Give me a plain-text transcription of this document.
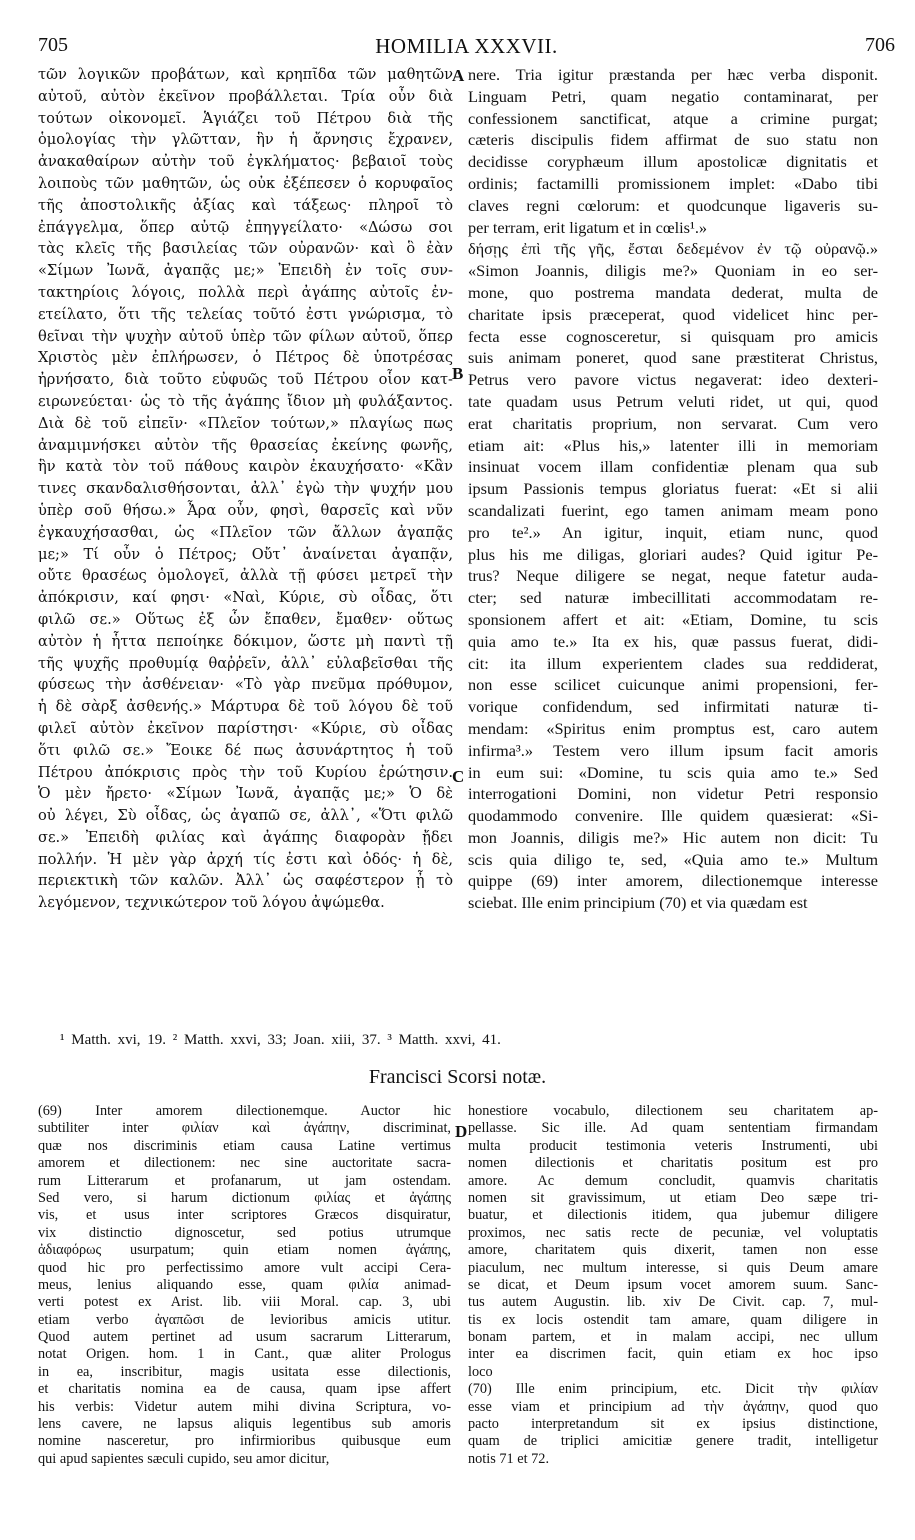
705	HOMILIA XXXVII.	706
τῶν λογικῶν προβάτων, καὶ κρηπῖδα τῶν μαθητῶν
αὐτοῦ, αὐτὸν ἐκεῖνον προβάλλεται. Τρία οὖν διὰ
τούτων οἰκονομεῖ. Ἁγιάζει τοῦ Πέτρου διὰ τῆς
ὁμολογίας τὴν γλῶτταν, ἣν ἡ ἄρνησις ἔχρανεν,
ἀνακαθαίρων αὐτὴν τοῦ ἐγκλήματος· βεβαιοῖ τοὺς
λοιποὺς τῶν μαθητῶν, ὡς οὐκ ἐξέπεσεν ὁ κορυφαῖος
τῆς ἀποστολικῆς ἀξίας καὶ τάξεως· πληροῖ τὸ
ἐπάγγελμα, ὅπερ αὐτῷ ἐπηγγείλατο· «Δώσω σοι
τὰς κλεῖς τῆς βασιλείας τῶν οὐρανῶν· καὶ ὃ ἐὰν
«Σίμων Ἰωνᾶ, ἀγαπᾷς με;» Ἐπειδὴ ἐν τοῖς συν-
τακτηρίοις λόγοις, πολλὰ περὶ ἀγάπης αὐτοῖς ἐν-
ετείλατο, ὅτι τῆς τελείας τοῦτό ἐστι γνώρισμα, τὸ
θεῖναι τὴν ψυχὴν αὐτοῦ ὑπὲρ τῶν φίλων αὐτοῦ, ὅπερ
Χριστὸς μὲν ἐπλήρωσεν, ὁ Πέτρος δὲ ὑποτρέσας
ἠρνήσατο, διὰ τοῦτο εὐφυῶς τοῦ Πέτρου οἷον κατ-
ειρωνεύεται· ὡς τὸ τῆς ἀγάπης ἴδιον μὴ φυλάξαντος.
Διὰ δὲ τοῦ εἰπεῖν· «Πλεῖον τούτων,» πλαγίως πως
ἀναμιμνήσκει αὐτὸν τῆς θρασείας ἐκείνης φωνῆς,
ἣν κατὰ τὸν τοῦ πάθους καιρὸν ἐκαυχήσατο· «Κἂν
τινες σκανδαλισθήσονται, ἀλλ᾽ ἐγὼ τὴν ψυχήν μου
ὑπὲρ σοῦ θήσω.» Ἆρα οὖν, φησὶ, θαρσεῖς καὶ νῦν
ἐγκαυχήσασθαι, ὡς «Πλεῖον τῶν ἄλλων ἀγαπᾷς
με;» Τί οὖν ὁ Πέτρος; Οὔτ᾽ ἀναίνεται ἀγαπᾷν,
οὔτε θρασέως ὁμολογεῖ, ἀλλὰ τῇ φύσει μετρεῖ τὴν
ἀπόκρισιν, καί φησι· «Ναὶ, Κύριε, σὺ οἶδας, ὅτι
φιλῶ σε.» Οὕτως ἐξ ὧν ἔπαθεν, ἔμαθεν· οὕτως
αὐτὸν ἡ ἧττα πεποίηκε δόκιμον, ὥστε μὴ παντὶ τῇ
τῆς ψυχῆς προθυμίᾳ θαῤῥεῖν, ἀλλ᾽ εὐλαβεῖσθαι τῆς
φύσεως τὴν ἀσθένειαν· «Τὸ γὰρ πνεῦμα πρόθυμον,
ἡ δὲ σὰρξ ἀσθενής.» Μάρτυρα δὲ τοῦ λόγου δὲ τοῦ
φιλεῖ αὐτὸν ἐκεῖνον παρίστησι· «Κύριε, σὺ οἶδας
ὅτι φιλῶ σε.» Ἔοικε δέ πως ἀσυνάρτητος ἡ τοῦ
Πέτρου ἀπόκρισις πρὸς τὴν τοῦ Κυρίου ἐρώτησιν.
Ὁ μὲν ἤρετο· «Σίμων Ἰωνᾶ, ἀγαπᾷς με;» Ὁ δὲ
οὐ λέγει, Σὺ οἶδας, ὡς ἀγαπῶ σε, ἀλλ᾽, «Ὅτι φιλῶ
σε.» Ἐπειδὴ φιλίας καὶ ἀγάπης διαφορὰν ᾔδει
πολλήν. Ἡ μὲν γὰρ ἀρχή τίς ἐστι καὶ ὁδός· ἡ δὲ,
περιεκτικὴ τῶν καλῶν. Ἀλλ᾽ ὡς σαφέστερον ᾖ τὸ
λεγόμενον, τεχνικώτερον τοῦ λόγου ἀψώμεθα.
nere. Tria igitur præstanda per hæc verba disponit.
Linguam Petri, quam negatio contaminarat, per
confessionem sanctificat, atque a crimine purgat;
cæteris discipulis fidem affirmat de suo statu non
decidisse coryphæum illum apostolicæ dignitatis et
ordinis; factamilli promissionem implet: «Dabo tibi
claves regni cœlorum: et quodcunque ligaveris su-
per terram, erit ligatum et in cœlis¹.»
δήσῃς ἐπὶ τῆς γῆς, ἔσται δεδεμένον ἐν τῷ οὐρανῷ.»
«Simon Joannis, diligis me?» Quoniam in eo ser-
mone, quo postrema mandata dederat, multa de
charitate ipsis præceperat, quod videlicet hinc per-
fecta esse cognosceretur, si quisquam pro amicis
suis animam poneret, quod sane præstiterat Christus,
Petrus vero pavore victus negaverat: ideo dexteri-
tate quadam usus Petrum veluti ridet, ut qui, quod
erat charitatis proprium, non servarat. Cum vero
etiam ait: «Plus his,» latenter illi in memoriam
insinuat vocem illam confidentiæ plenam qua sub
ipsum Passionis tempus gloriatus fuerat: «Et si alii
scandalizati fuerint, ego tamen animam meam pono
pro te².» An igitur, inquit, etiam nunc, quod
plus his me diligas, gloriari audes? Quid igitur Pe-
trus? Neque diligere se negat, neque fatetur auda-
cter; sed naturæ imbecillitati accommodatam re-
sponsionem affert et ait: «Etiam, Domine, tu scis
quia amo te.» Ita ex his, quæ passus fuerat, didi-
cit: ita illum experientem clades sua reddiderat,
non esse scilicet cuicunque animi propensioni, fer-
vorique confidendum, sed infirmitati naturæ ti-
mendam: «Spiritus enim promptus est, caro autem
infirma³.» Testem vero illum ipsum facit amoris
in eum sui: «Domine, tu scis quia amo te.» Sed
interrogationi Domini, non videtur Petri responsio
quodammodo convenire. Ille quidem quæsierat: «Si-
mon Joannis, diligis me?» Hic autem non dicit: Tu
scis quia diligo te, sed, «Quia amo te.» Multum
quippe (69) inter amorem, dilectionemque interesse
sciebat. Ille enim principium (70) et via quædam est
A
B
C
D
¹ Matth. xvi, 19. ² Matth. xxvi, 33; Joan. xiii, 37. ³ Matth. xxvi, 41.
Francisci Scorsi notæ.
(69) Inter amorem dilectionemque. Auctor hic
subtiliter inter φιλίαν καὶ ἀγάπην, discriminat,
quæ nos discriminis etiam causa Latine vertimus
amorem et dilectionem: nec sine auctoritate sacra-
rum Litterarum et profanarum, ut jam ostendam.
Sed vero, si harum dictionum φιλίας et ἀγάπης
vis, et usus inter scriptores Græcos disquiratur,
vix distinctio dignoscetur, sed potius utrumque
ἀδιαφόρως usurpatum; quin etiam nomen ἀγάπης,
quod hic pro perfectissimo amore vult accipi Cera-
meus, lenius aliquando esse, quam φιλία animad-
verti potest ex Arist. lib. viii Moral. cap. 3, ubi
etiam verbo ἀγαπῶσι de levioribus amicis utitur.
Quod autem pertinet ad usum sacrarum Litterarum,
notat Origen. hom. 1 in Cant., quæ aliter Prologus
in ea, inscribitur, magis usitata esse dilectionis,
et charitatis nomina ea de causa, quam ipse affert
his verbis: Videtur autem mihi divina Scriptura, vo-
lens cavere, ne lapsus aliquis legentibus sub amoris
nomine nasceretur, pro infirmioribus quibusque eum
qui apud sapientes sæculi cupido, seu amor dicitur,
honestiore vocabulo, dilectionem seu charitatem ap-
pellasse. Sic ille. Ad quam sententiam firmandam
multa producit testimonia veteris Instrumenti, ubi
nomen dilectionis et charitatis positum est pro
amore. Ac demum concludit, quamvis charitatis
nomen sit gravissimum, ut etiam Deo sæpe tri-
buatur, et dilectionis itidem, qua jubemur diligere
proximos, nec satis recte de pecuniæ, vel voluptatis
amore, charitatem quis dixerit, tamen non esse
piaculum, nec multum interesse, si quis Deum amare
se dicat, et Deum ipsum vocet amorem suum. Sanc-
tus autem Augustin. lib. xiv De Civit. cap. 7, mul-
tis ex locis ostendit tam amare, quam diligere in
bonam partem, et in malam accipi, nec ullum
inter ea discrimen facit, quin etiam ex hoc ipso
loco
(70) Ille enim principium, etc. Dicit τὴν φιλίαν
esse viam et principium ad τὴν ἀγάπην, quod quo
pacto interpretandum sit ex ipsius distinctione,
quam de triplici amicitiæ genere tradit, intelligetur
notis 71 et 72.
